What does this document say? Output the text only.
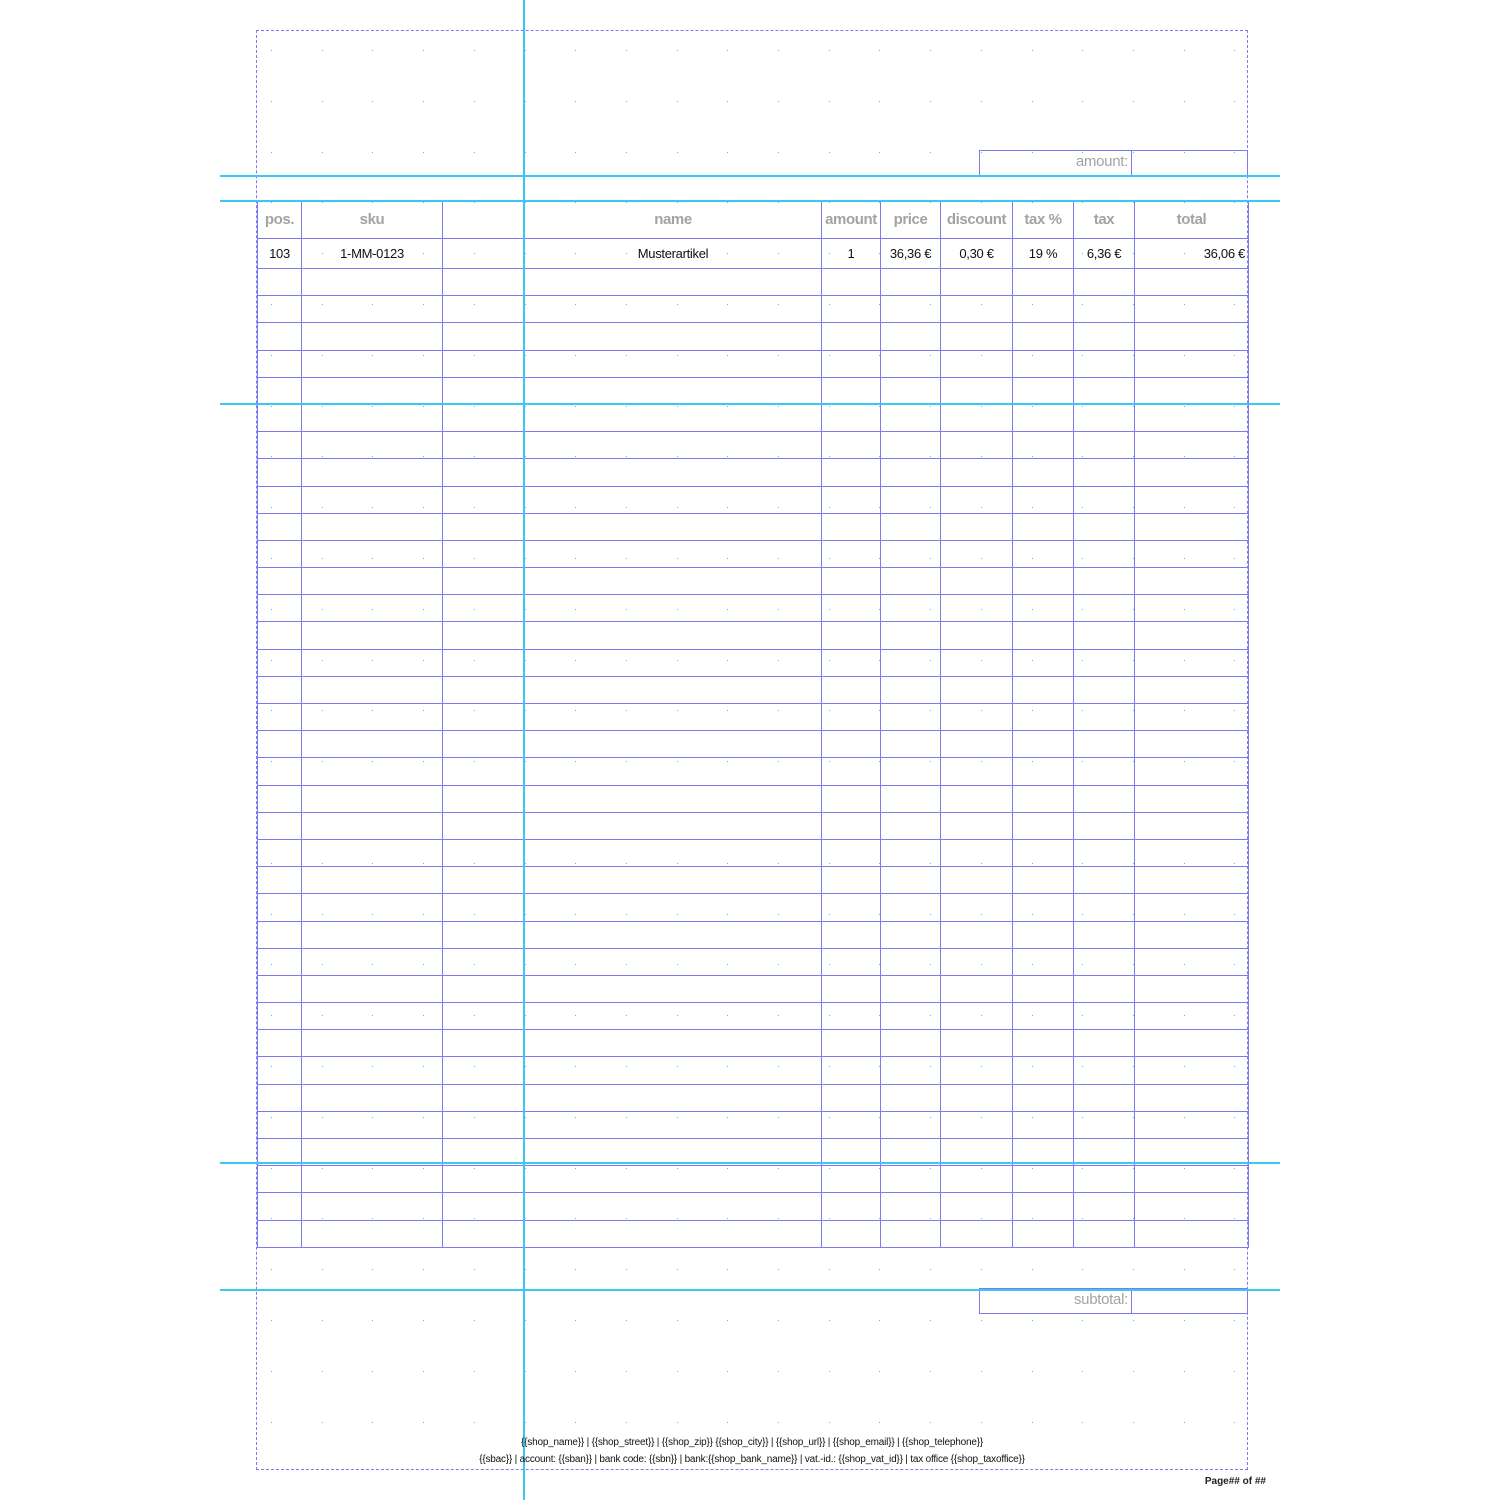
amount:
pos.	sku		name	amount	price	discount	tax %	tax	total
103	1-MM-0123		Musterartikel	1	36,36 €	0,30 €	19 %	6,36 €	36,06 €

subtotal:
{{shop_name}} | {{shop_street}} | {{shop_zip}} {{shop_city}} | {{shop_url}} | {{shop_email}} | {{shop_telephone}}
{{sbac}} | account: {{sban}} | bank code: {{sbn}} | bank:{{shop_bank_name}} | vat.-id.: {{shop_vat_id}} | tax office {{shop_taxoffice}}
Page## of ##
